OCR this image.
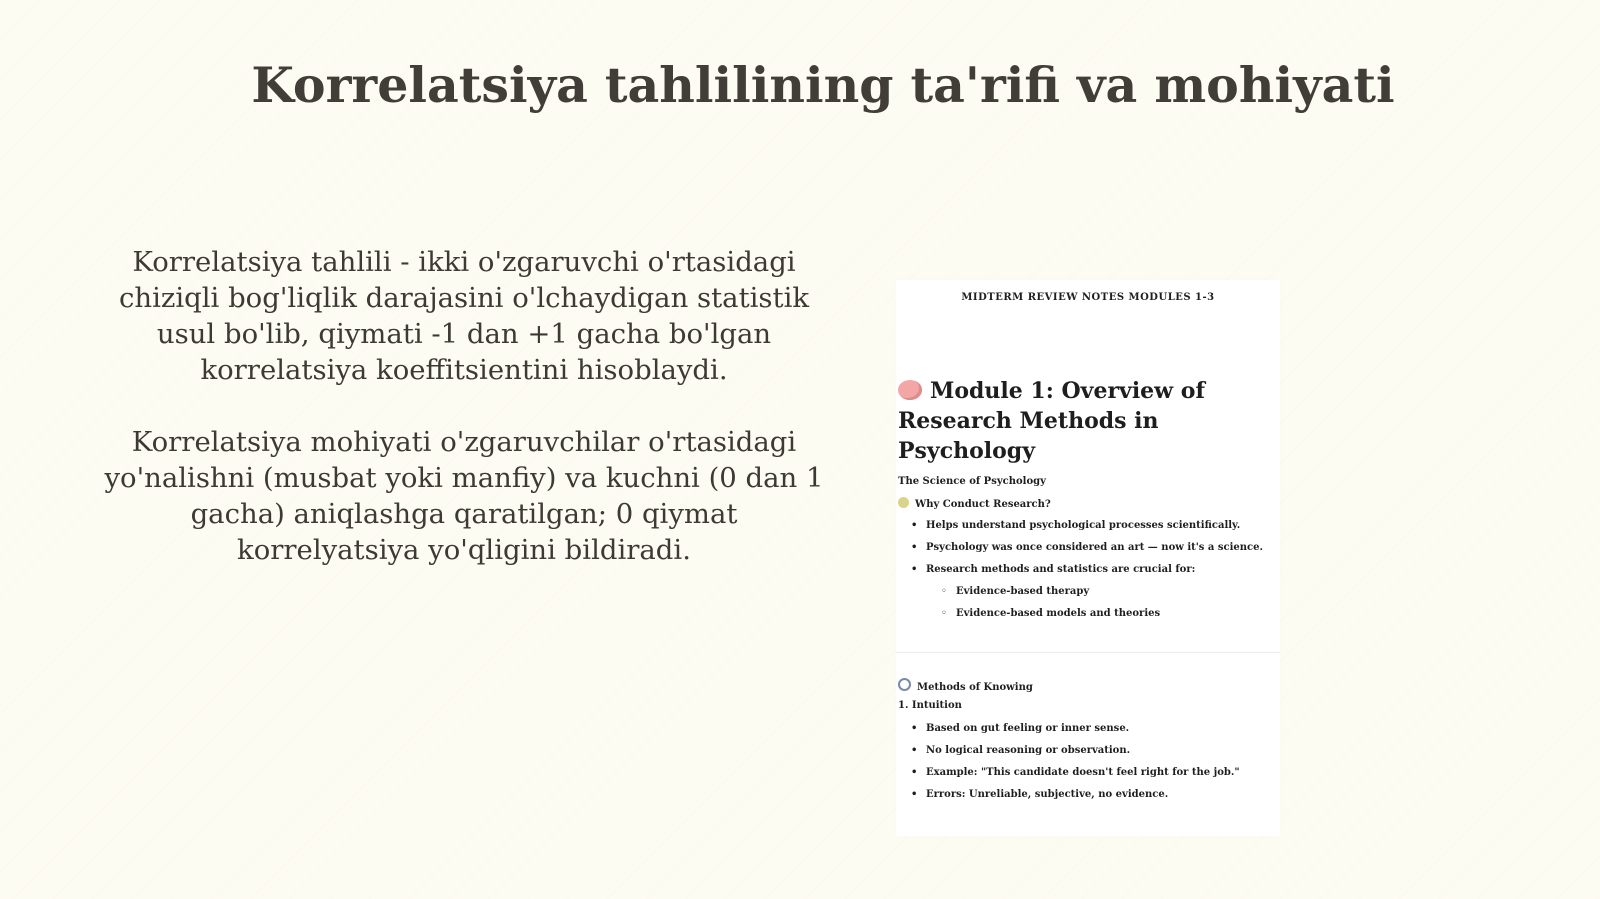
Korrelatsiya tahlilining ta'rifi va mohiyati

Korrelatsiya tahlili - ikki o'zgaruvchi o'rtasidagi chiziqli bog'liqlik darajasini o'lchaydigan statistik usul bo'lib, qiymati -1 dan +1 gacha bo'lgan korrelatsiya koeffitsientini hisoblaydi.

Korrelatsiya mohiyati o'zgaruvchilar o'rtasidagi yo'nalishni (musbat yoki manfiy) va kuchni (0 dan 1 gacha) aniqlashga qaratilgan; 0 qiymat korrelyatsiya yo'qligini bildiradi.

MIDTERM REVIEW NOTES MODULES 1-3
Module 1: Overview of Research Methods in Psychology
The Science of Psychology
Why Conduct Research?
• Helps understand psychological processes scientifically.
• Psychology was once considered an art — now it's a science.
• Research methods and statistics are crucial for:
◦ Evidence-based therapy
◦ Evidence-based models and theories
Methods of Knowing
1. Intuition
• Based on gut feeling or inner sense.
• No logical reasoning or observation.
• Example: "This candidate doesn't feel right for the job."
• Errors: Unreliable, subjective, no evidence.
